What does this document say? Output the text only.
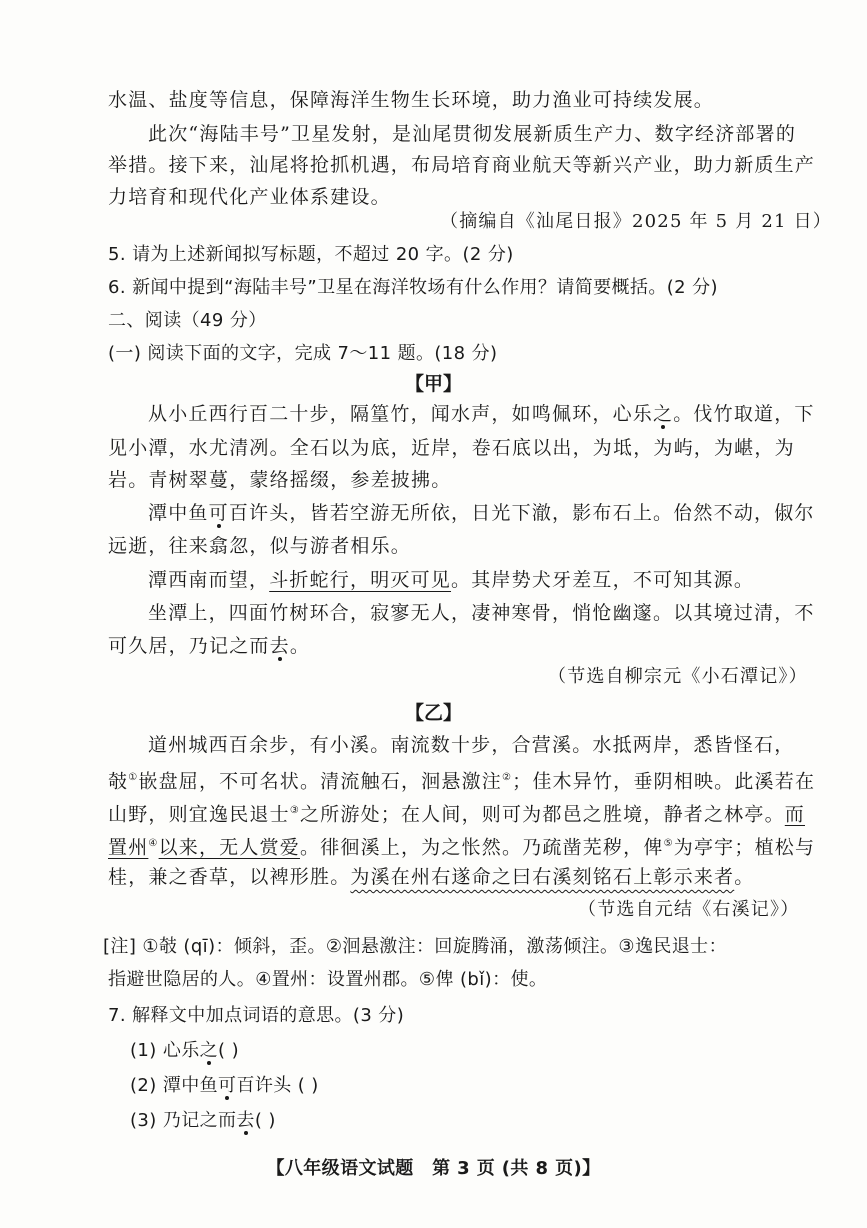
水温、盐度等信息，保障海洋生物生长环境，助力渔业可持续发展。
此次“海陆丰号”卫星发射，是汕尾贯彻发展新质生产力、数字经济部署的
举措。接下来，汕尾将抢抓机遇，布局培育商业航天等新兴产业，助力新质生产
力培育和现代化产业体系建设。
（摘编自《汕尾日报》2025 年 5 月 21 日）
5. 请为上述新闻拟写标题，不超过 20 字。(2 分)
6. 新闻中提到“海陆丰号”卫星在海洋牧场有什么作用？请简要概括。(2 分)
二、阅读（49 分）
(一) 阅读下面的文字，完成 7～11 题。(18 分)
【甲】
从小丘西行百二十步，隔篁竹，闻水声，如鸣佩环，心乐之。伐竹取道，下
见小潭，水尤清冽。全石以为底，近岸，卷石底以出，为坻，为屿，为嵁，为
岩。青树翠蔓，蒙络摇缀，参差披拂。
潭中鱼可百许头，皆若空游无所依，日光下澈，影布石上。佁然不动，俶尔
远逝，往来翕忽，似与游者相乐。
潭西南而望，斗折蛇行，明灭可见。其岸势犬牙差互，不可知其源。
坐潭上，四面竹树环合，寂寥无人，凄神寒骨，悄怆幽邃。以其境过清，不
可久居，乃记之而去。
（节选自柳宗元《小石潭记》）
【乙】
道州城西百余步，有小溪。南流数十步，合营溪。水抵两岸，悉皆怪石，
攲①嵌盘屈，不可名状。清流触石，洄悬激注②；佳木异竹，垂阴相映。此溪若在
山野，则宜逸民退士③之所游处；在人间，则可为都邑之胜境，静者之林亭。而
置州④以来，无人赏爱。徘徊溪上，为之怅然。乃疏凿芜秽，俾⑤为亭宇；植松与
桂，兼之香草，以裨形胜。为溪在州右遂命之曰右溪刻铭石上彰示来者。
（节选自元结《右溪记》）
[注] ①攲 (qī)：倾斜，歪。②洄悬激注：回旋腾涌，激荡倾注。③逸民退士：
指避世隐居的人。④置州：设置州郡。⑤俾 (bǐ)：使。
7. 解释文中加点词语的意思。(3 分)
(1) 心乐之( )
(2) 潭中鱼可百许头 ( )
(3) 乃记之而去( )
【八年级语文试题　第 3 页 (共 8 页)】
